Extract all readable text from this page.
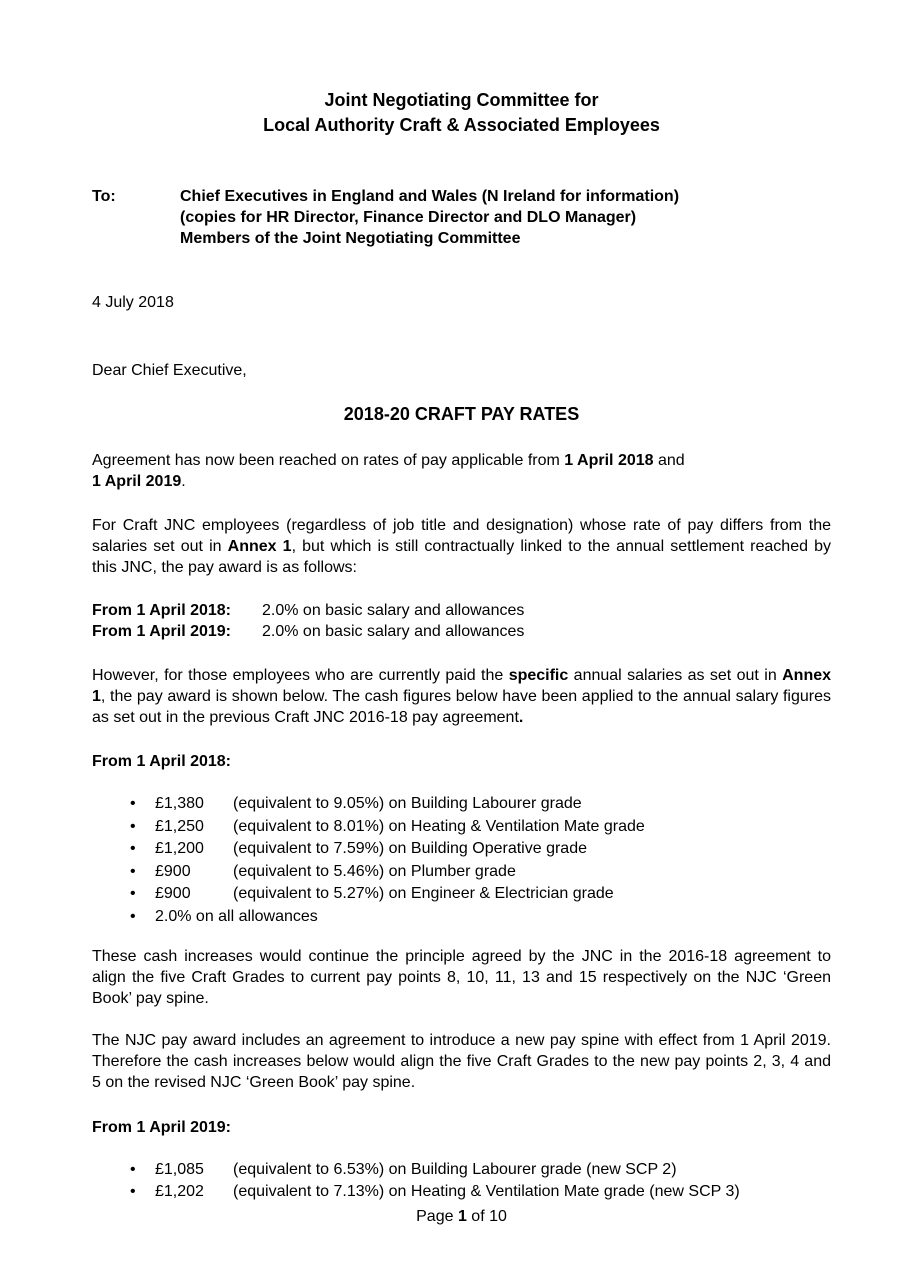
Joint Negotiating Committee for
Local Authority Craft & Associated Employees
To:	Chief Executives in England and Wales (N Ireland for information)
(copies for HR Director, Finance Director and DLO Manager)
Members of the Joint Negotiating Committee
4 July 2018
Dear Chief Executive,
2018-20 CRAFT PAY RATES

Agreement has now been reached on rates of pay applicable from 1 April 2018 and
1 April 2019.

For Craft JNC employees (regardless of job title and designation) whose rate of pay differs from the salaries set out in Annex 1, but which is still contractually linked to the annual settlement reached by this JNC, the pay award is as follows:

From 1 April 2018:	2.0% on basic salary and allowances
From 1 April 2019:	2.0% on basic salary and allowances

However, for those employees who are currently paid the specific annual salaries as set out in Annex 1, the pay award is shown below. The cash figures below have been applied to the annual salary figures as set out in the previous Craft JNC 2016-18 pay agreement.

From 1 April 2018:

•
£1,380	(equivalent to 9.05%) on Building Labourer grade
•
£1,250	(equivalent to 8.01%) on Heating & Ventilation Mate grade
•
£1,200	(equivalent to 7.59%) on Building Operative grade
•
£900	(equivalent to 5.46%) on Plumber grade
•
£900	(equivalent to 5.27%) on Engineer & Electrician grade
•
2.0% on all allowances

These cash increases would continue the principle agreed by the JNC in the 2016-18 agreement to align the five Craft Grades to current pay points 8, 10, 11, 13 and 15 respectively on the NJC ‘Green Book’ pay spine.

The NJC pay award includes an agreement to introduce a new pay spine with effect from 1 April 2019. Therefore the cash increases below would align the five Craft Grades to the new pay points 2, 3, 4 and 5 on the revised NJC ‘Green Book’ pay spine.

From 1 April 2019:

•
£1,085	(equivalent to 6.53%) on Building Labourer grade (new SCP 2)
•
£1,202	(equivalent to 7.13%) on Heating & Ventilation Mate grade (new SCP 3)
Page 1 of 10
